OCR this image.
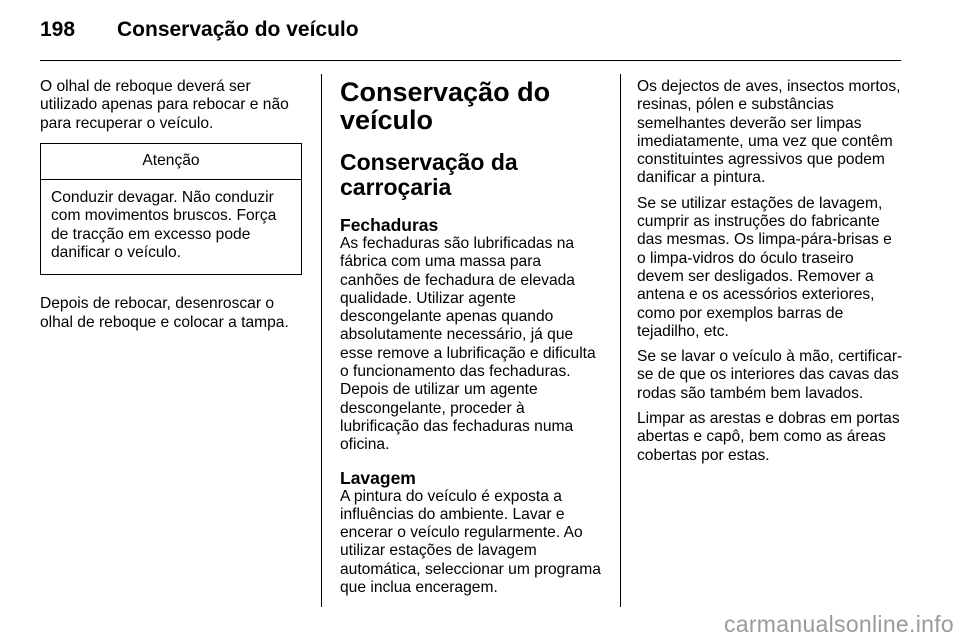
198 Conservação do veículo

O olhal de reboque deverá ser utilizado apenas para rebocar e não para recuperar o veículo.

Atenção

Conduzir devagar. Não conduzir com movimentos bruscos. Força de tracção em excesso pode danificar o veículo.

Depois de rebocar, desenroscar o olhal de reboque e colocar a tampa.

Conservação do veículo
Conservação da carroçaria
Fechaduras

As fechaduras são lubrificadas na fábrica com uma massa para canhões de fechadura de elevada qualidade. Utilizar agente descongelante apenas quando absolutamente necessário, já que esse remove a lubrificação e dificulta o funcionamento das fechaduras. Depois de utilizar um agente descongelante, proceder à lubrificação das fechaduras numa oficina.

Lavagem

A pintura do veículo é exposta a influências do ambiente. Lavar e encerar o veículo regularmente. Ao utilizar estações de lavagem automática, seleccionar um programa que inclua enceragem.

Os dejectos de aves, insectos mortos, resinas, pólen e substâncias semelhantes deverão ser limpas imediatamente, uma vez que contêm constituintes agressivos que podem danificar a pintura.

Se se utilizar estações de lavagem, cumprir as instruções do fabricante das mesmas. Os limpa-pára-brisas e o limpa-vidros do óculo traseiro devem ser desligados. Remover a antena e os acessórios exteriores, como por exemplos barras de tejadilho, etc.

Se se lavar o veículo à mão, certificar-se de que os interiores das cavas das rodas são também bem lavados.

Limpar as arestas e dobras em portas abertas e capô, bem como as áreas cobertas por estas.

carmanualsonline.info
